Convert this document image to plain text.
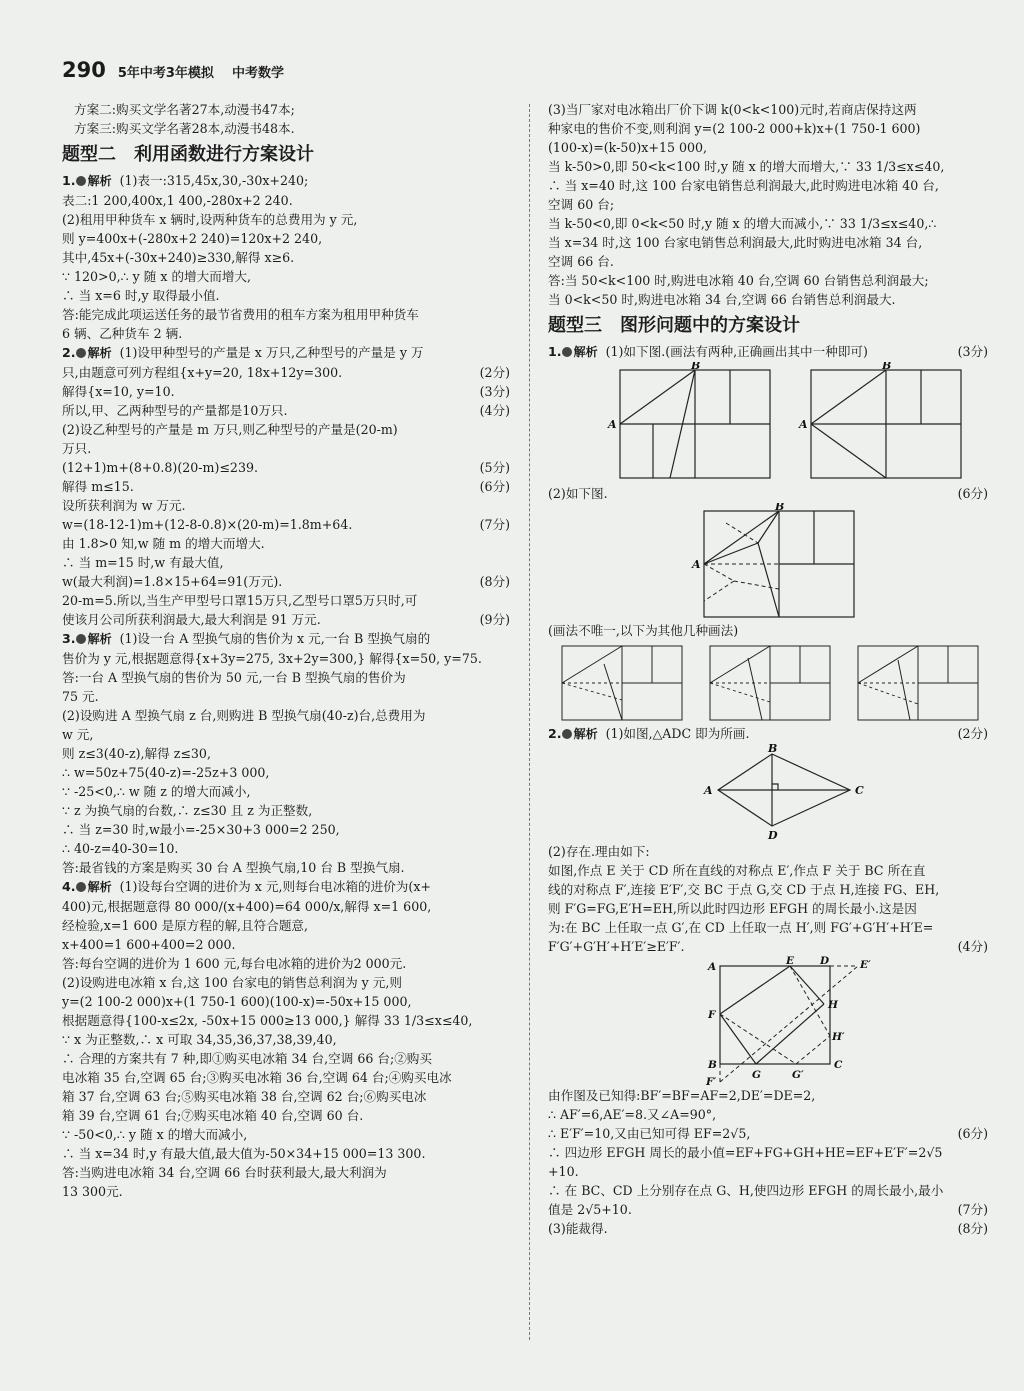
290 5年中考3年模拟 中考数学
方案二:购买文学名著27本,动漫书47本;
方案三:购买文学名著28本,动漫书48本.
题型二　利用函数进行方案设计
1. 解析 (1)表一:315,45x,30,-30x+240;
表二:1 200,400x,1 400,-280x+2 240.
(2)租用甲种货车 x 辆时,设两种货车的总费用为 y 元,
则 y=400x+(-280x+2 240)=120x+2 240,
其中,45x+(-30x+240)≥330,解得 x≥6.
∵ 120>0,∴ y 随 x 的增大而增大,
∴ 当 x=6 时,y 取得最小值.
答:能完成此项运送任务的最节省费用的租车方案为租用甲种货车
6 辆、乙种货车 2 辆.
2. 解析 (1)设甲种型号的产量是 x 万只,乙种型号的产量是 y 万
只,由题意可列方程组{x+y=20, 18x+12y=300.	(2分)
解得{x=10, y=10.	(3分)
所以,甲、乙两种型号的产量都是10万只.	(4分)
(2)设乙种型号的产量是 m 万只,则乙种型号的产量是(20-m)
万只.
(12+1)m+(8+0.8)(20-m)≤239.	(5分)
解得 m≤15.	(6分)
设所获利润为 w 万元.
w=(18-12-1)m+(12-8-0.8)×(20-m)=1.8m+64.	(7分)
由 1.8>0 知,w 随 m 的增大而增大.
∴ 当 m=15 时,w 有最大值,
w(最大利润)=1.8×15+64=91(万元).	(8分)
20-m=5.所以,当生产甲型号口罩15万只,乙型号口罩5万只时,可
使该月公司所获利润最大,最大利润是 91 万元.	(9分)
3. 解析 (1)设一台 A 型换气扇的售价为 x 元,一台 B 型换气扇的
售价为 y 元,根据题意得{x+3y=275, 3x+2y=300,} 解得{x=50, y=75.
答:一台 A 型换气扇的售价为 50 元,一台 B 型换气扇的售价为
75 元.
(2)设购进 A 型换气扇 z 台,则购进 B 型换气扇(40-z)台,总费用为
w 元,
则 z≤3(40-z),解得 z≤30,
∴ w=50z+75(40-z)=-25z+3 000,
∵ -25<0,∴ w 随 z 的增大而减小,
∵ z 为换气扇的台数,∴ z≤30 且 z 为正整数,
∴ 当 z=30 时,w最小=-25×30+3 000=2 250,
∴ 40-z=40-30=10.
答:最省钱的方案是购买 30 台 A 型换气扇,10 台 B 型换气扇.
4. 解析 (1)设每台空调的进价为 x 元,则每台电冰箱的进价为(x+
400)元,根据题意得 80 000/(x+400)=64 000/x,解得 x=1 600,
经检验,x=1 600 是原方程的解,且符合题意,
x+400=1 600+400=2 000.
答:每台空调的进价为 1 600 元,每台电冰箱的进价为2 000元.
(2)设购进电冰箱 x 台,这 100 台家电的销售总利润为 y 元,则
y=(2 100-2 000)x+(1 750-1 600)(100-x)=-50x+15 000,
根据题意得{100-x≤2x, -50x+15 000≥13 000,} 解得 33 1/3≤x≤40,
∵ x 为正整数,∴ x 可取 34,35,36,37,38,39,40,
∴ 合理的方案共有 7 种,即①购买电冰箱 34 台,空调 66 台;②购买
电冰箱 35 台,空调 65 台;③购买电冰箱 36 台,空调 64 台;④购买电冰
箱 37 台,空调 63 台;⑤购买电冰箱 38 台,空调 62 台;⑥购买电冰
箱 39 台,空调 61 台;⑦购买电冰箱 40 台,空调 60 台.
∵ -50<0,∴ y 随 x 的增大而减小,
∴ 当 x=34 时,y 有最大值,最大值为-50×34+15 000=13 300.
答:当购进电冰箱 34 台,空调 66 台时获利最大,最大利润为
13 300元.
(3)当厂家对电冰箱出厂价下调 k(0<k<100)元时,若商店保持这两
种家电的售价不变,则利润 y=(2 100-2 000+k)x+(1 750-1 600)
(100-x)=(k-50)x+15 000,
当 k-50>0,即 50<k<100 时,y 随 x 的增大而增大,∵ 33 1/3≤x≤40,
∴ 当 x=40 时,这 100 台家电销售总利润最大,此时购进电冰箱 40 台,
空调 60 台;
当 k-50<0,即 0<k<50 时,y 随 x 的增大而减小,∵ 33 1/3≤x≤40,∴
当 x=34 时,这 100 台家电销售总利润最大,此时购进电冰箱 34 台,
空调 66 台.
答:当 50<k<100 时,购进电冰箱 40 台,空调 60 台销售总利润最大;
当 0<k<50 时,购进电冰箱 34 台,空调 66 台销售总利润最大.
题型三　图形问题中的方案设计
1. 解析 (1)如下图.(画法有两种,正确画出其中一种即可)	(3分)
A
B
A
B
(2)如下图.	(6分)
A
B
(画法不唯一,以下为其他几种画法)
2. 解析 (1)如图,△ADC 即为所画.	(2分)
A
B
C
D
(2)存在.理由如下:
如图,作点 E 关于 CD 所在直线的对称点 E′,作点 F 关于 BC 所在直
线的对称点 F′,连接 E′F′,交 BC 于点 G,交 CD 于点 H,连接 FG、EH,
则 F′G=FG,E′H=EH,所以此时四边形 EFGH 的周长最小.这是因
为:在 BC 上任取一点 G′,在 CD 上任取一点 H′,则 FG′+G′H′+H′E=
F′G′+G′H′+H′E′≥E′F′.	(4分)
A	E D	E′
H
H′
F
B
G	G′
C
F′
由作图及已知得:BF′=BF=AF=2,DE′=DE=2,
∴ AF′=6,AE′=8.又∠A=90°,
∴ E′F′=10,又由已知可得 EF=2√5,	(6分)
∴ 四边形 EFGH 周长的最小值=EF+FG+GH+HE=EF+E′F′=2√5
+10.
∴ 在 BC、CD 上分别存在点 G、H,使四边形 EFGH 的周长最小,最小
值是 2√5+10.	(7分)
(3)能裁得.	(8分)
